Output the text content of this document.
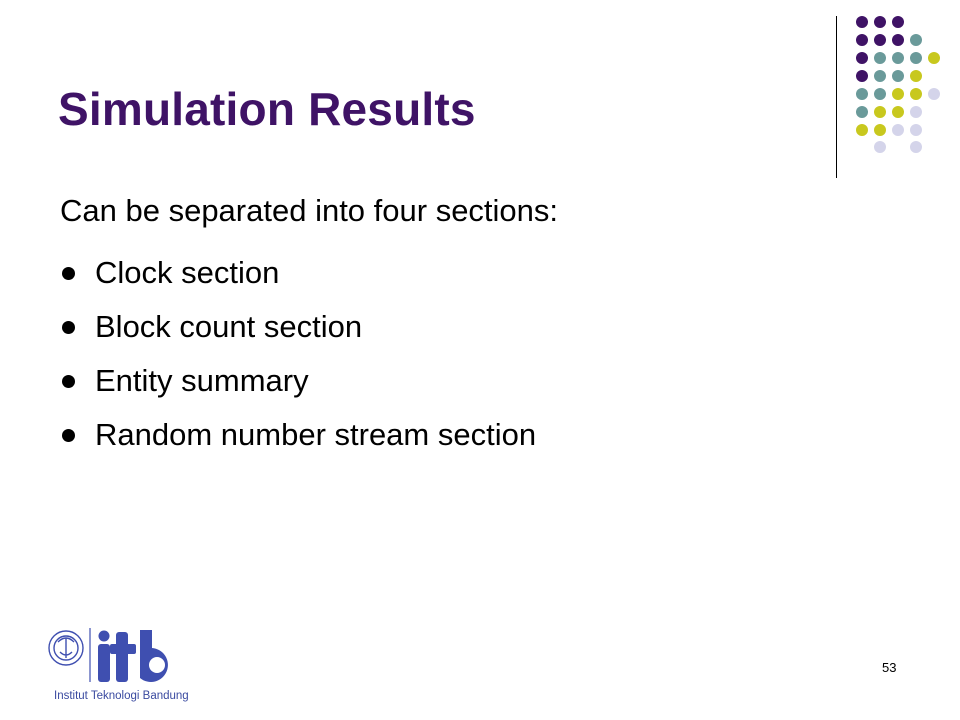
Simulation Results

Can be separated into four sections:

Clock section
Block count section
Entity summary
Random number stream section
Institut Teknologi Bandung
53
